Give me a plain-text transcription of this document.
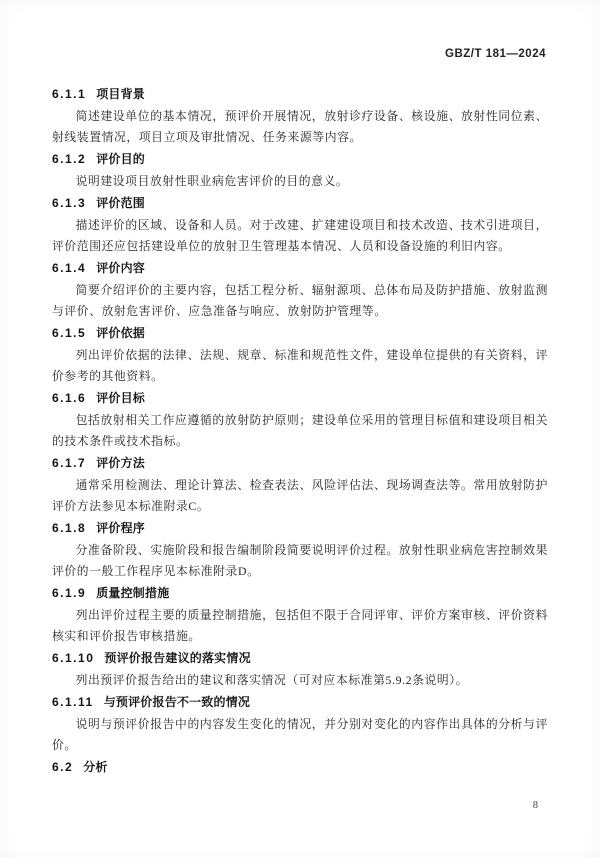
GBZ/T 181—2024
6.1.1 项目背景

简述建设单位的基本情况，预评价开展情况，放射诊疗设备、核设施、放射性同位素、射线装置情况，项目立项及审批情况、任务来源等内容。

6.1.2 评价目的

说明建设项目放射性职业病危害评价的目的意义。

6.1.3 评价范围

描述评价的区域、设备和人员。对于改建、扩建建设项目和技术改造、技术引进项目，评价范围还应包括建设单位的放射卫生管理基本情况、人员和设备设施的利旧内容。

6.1.4 评价内容

简要介绍评价的主要内容，包括工程分析、辐射源项、总体布局及防护措施、放射监测与评价、放射危害评价、应急准备与响应、放射防护管理等。

6.1.5 评价依据

列出评价依据的法律、法规、规章、标准和规范性文件，建设单位提供的有关资料，评价参考的其他资料。

6.1.6 评价目标

包括放射相关工作应遵循的放射防护原则；建设单位采用的管理目标值和建设项目相关的技术条件或技术指标。

6.1.7 评价方法

通常采用检测法、理论计算法、检查表法、风险评估法、现场调查法等。常用放射防护评价方法参见本标准附录C。

6.1.8 评价程序

分准备阶段、实施阶段和报告编制阶段简要说明评价过程。放射性职业病危害控制效果评价的一般工作程序见本标准附录D。

6.1.9 质量控制措施

列出评价过程主要的质量控制措施，包括但不限于合同评审、评价方案审核、评价资料核实和评价报告审核措施。

6.1.10 预评价报告建议的落实情况

列出预评价报告给出的建议和落实情况（可对应本标准第5.9.2条说明）。

6.1.11 与预评价报告不一致的情况

说明与预评价报告中的内容发生变化的情况，并分别对变化的内容作出具体的分析与评价。

6.2 分析
8
